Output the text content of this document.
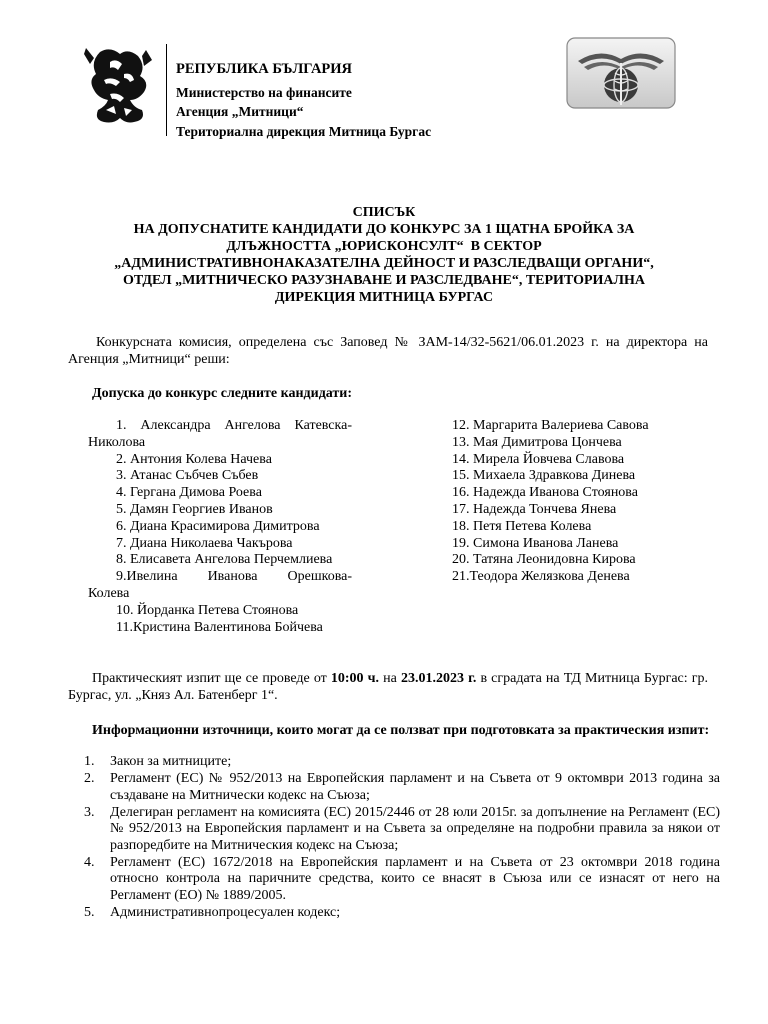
РЕПУБЛИКА БЪЛГАРИЯ
Министерство на финансите
Агенция „Митници“
Териториална дирекция Митница Бургас
СПИСЪК
НА ДОПУСНАТИТЕ КАНДИДАТИ ДО КОНКУРС ЗА 1 ЩАТНА БРОЙКА ЗА
ДЛЪЖНОСТТА „ЮРИСКОНСУЛТ“  В СЕКТОР
„АДМИНИСТРАТИВНОНАКАЗАТЕЛНА ДЕЙНОСТ И РАЗСЛЕДВАЩИ ОРГАНИ“,
ОТДЕЛ „МИТНИЧЕСКО РАЗУЗНАВАНЕ И РАЗСЛЕДВАНЕ“, ТЕРИТОРИАЛНА
ДИРЕКЦИЯ МИТНИЦА БУРГАС
Конкурсната комисия, определена със Заповед № ЗАМ-14/32-5621/06.01.2023 г. на директора на Агенция „Митници“ реши:
Допуска до конкурс следните кандидати:
1. Александра Ангелова Катевска-Николова
2. Антония Колева Начева
3. Атанас Събчев Събев
4. Гергана Димова Роева
5. Дамян Георгиев Иванов
6. Диана Красимирова Димитрова
7. Диана Николаева Чакърова
8. Елисавета Ангелова Перчемлиева
9.Ивелина Иванова Орешкова-Колева
10. Йорданка Петева Стоянова
11.Кристина Валентинова Бойчева
12. Маргарита Валериева Савова
13. Мая Димитрова Цончева
14. Мирела Йовчева Славова
15. Михаела Здравкова Динева
16. Надежда Иванова Стоянова
17. Надежда Тончева Янева
18. Петя Петева Колева
19. Симона Иванова Ланева
20. Татяна Леонидовна Кирова
21.Теодора Желязкова Денева
Практическият изпит ще се проведе от 10:00 ч. на 23.01.2023 г. в сградата на ТД Митница Бургас: гр. Бургас, ул. „Княз Ал. Батенберг 1“.
Информационни източници, които могат да се ползват при подготовката за практическия изпит:
1.	Закон за митниците;
2.	Регламент (ЕС) № 952/2013 на Европейския парламент и на Съвета от 9 октомври 2013 година за създаване на Митнически кодекс на Съюза;
3.	Делегиран регламент на комисията (ЕС) 2015/2446 от 28 юли 2015г. за допълнение на Регламент (ЕС) № 952/2013 на Европейския парламент и на Съвета за определяне на подробни правила за някои от разпоредбите на Митническия кодекс на Съюза;
4.	Регламент (ЕС) 1672/2018 на Европейския парламент и на Съвета от 23 октомври 2018 година относно контрола на паричните средства, които се внасят в Съюза или се изнасят от него на Регламент (ЕО) № 1889/2005.
5.	Административнопроцесуален кодекс;
